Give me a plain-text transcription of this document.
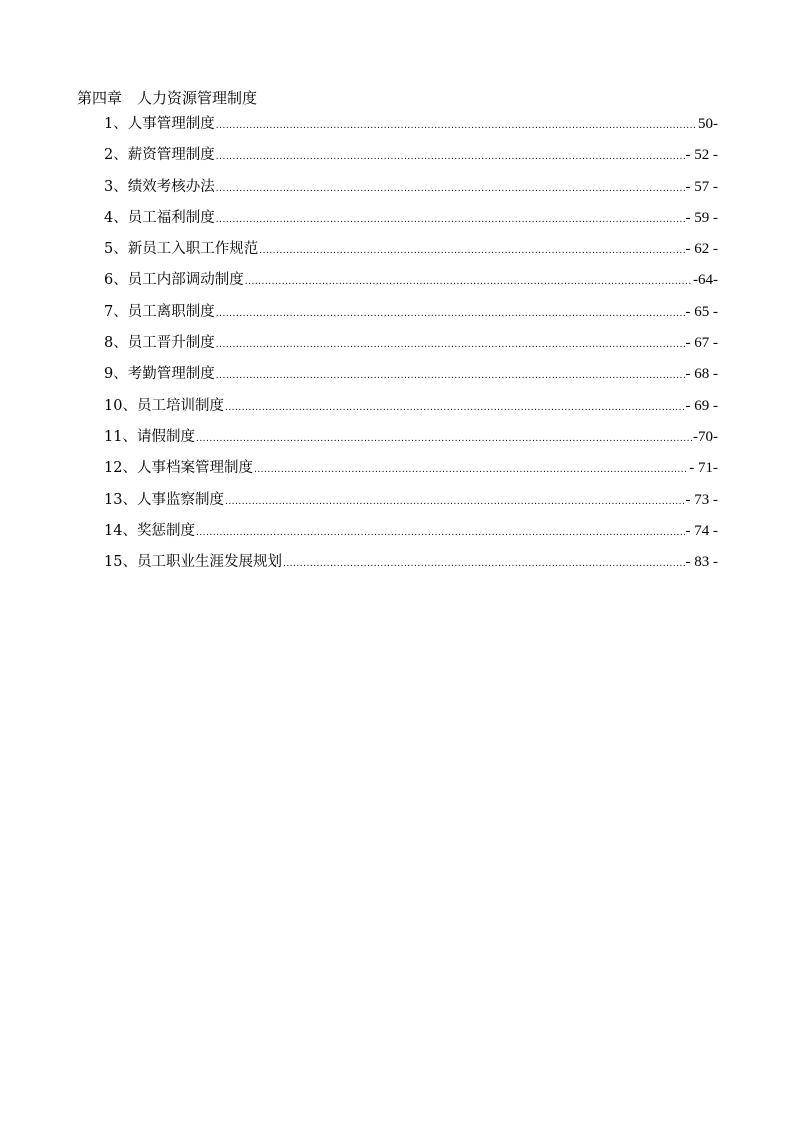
第四章　人力资源管理制度
1、人事管理制度 .....	50-
2、薪资管理制度 .....	- 52 -
3、绩效考核办法 .....	- 57 -
4、员工福利制度 .....	- 59 -
5、新员工入职工作规范 .....	- 62 -
6、员工内部调动制度 .....	-64-
7、员工离职制度 .....	- 65 -
8、员工晋升制度 .....	- 67 -
9、考勤管理制度 .....	- 68 -
10、员工培训制度 .....	- 69 -
11、请假制度 .....	-70-
12、人事档案管理制度 .....	- 71-
13、人事监察制度 .....	- 73 -
14、奖惩制度 .....	- 74 -
15、员工职业生涯发展规划 .....	- 83 -
